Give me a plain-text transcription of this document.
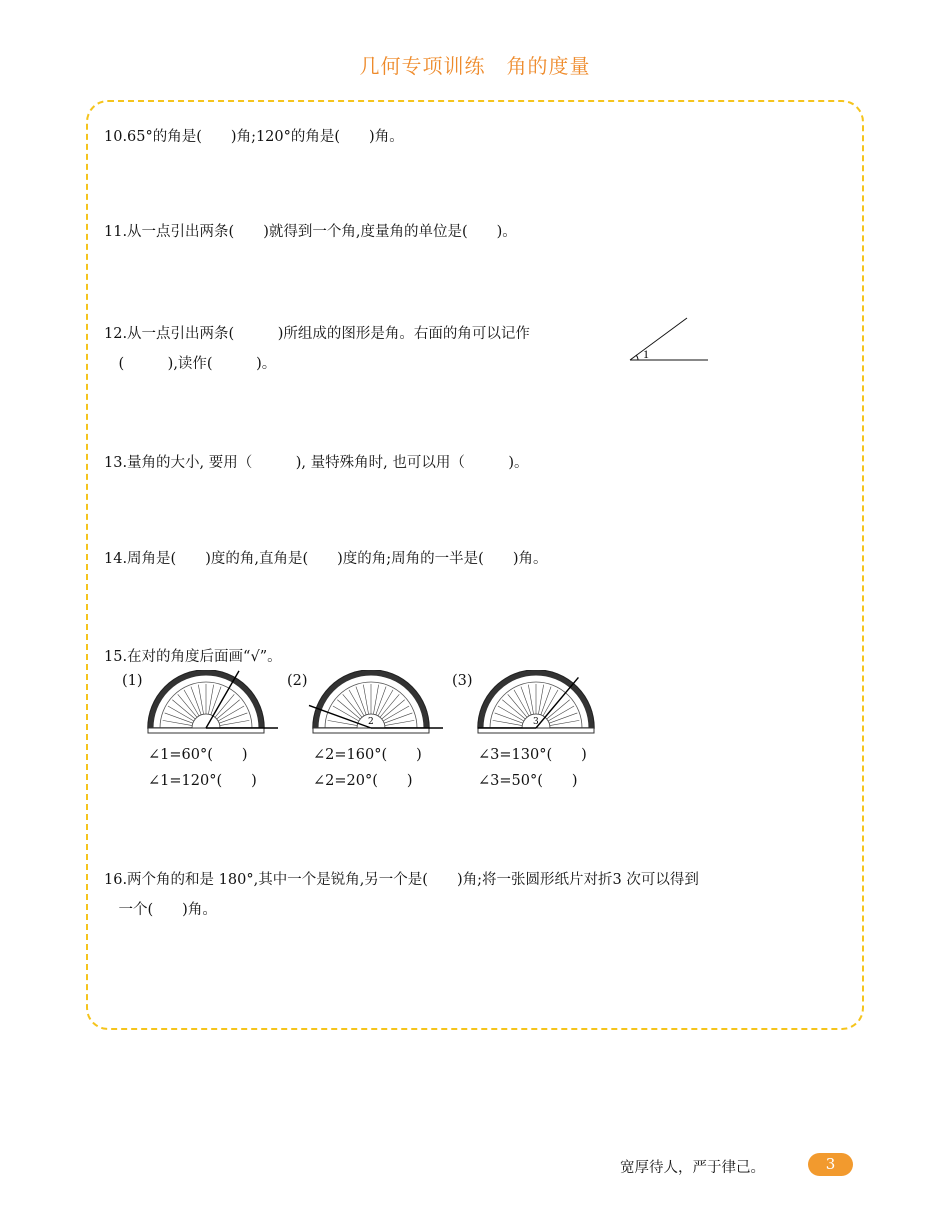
几何专项训练　角的度量
10.65°的角是(　　)角;120°的角是(　　)角。
11.从一点引出两条(　　)就得到一个角,度量角的单位是(　　)。
12.从一点引出两条(　　　)所组成的图形是角。右面的角可以记作
　(　　　),读作(　　　)。
1
13.量角的大小, 要用（　　　), 量特殊角时, 也可以用（　　　)。
14.周角是(　　)度的角,直角是(　　)度的角;周角的一半是(　　)角。
15.在对的角度后面画“√”。
(1)
∠1=60°(　　)
∠1=120°(　　)
(2)
2
∠2=160°(　　)
∠2=20°(　　)
(3)
3
∠3=130°(　　)
∠3=50°(　　)
16.两个角的和是 180°,其中一个是锐角,另一个是(　　)角;将一张圆形纸片对折3 次可以得到
　一个(　　)角。
宽厚待人，严于律己。	3
